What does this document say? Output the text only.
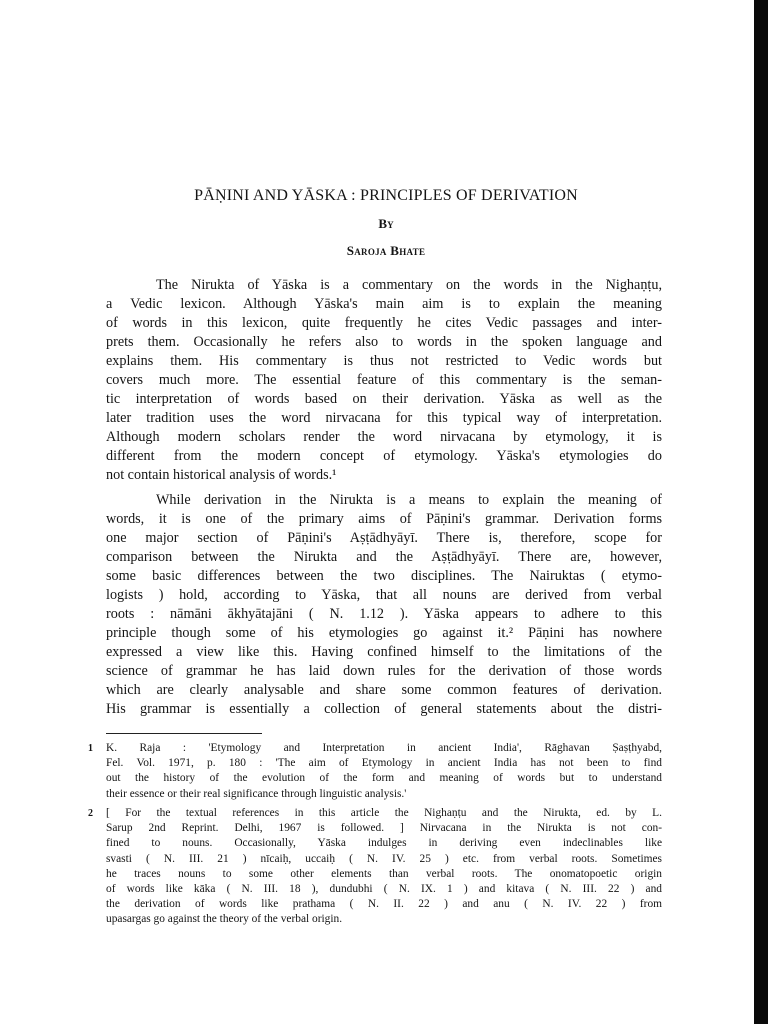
PĀṆINI AND YĀSKA : PRINCIPLES OF DERIVATION
By
Saroja Bhate
The Nirukta of Yāska is a commentary on the words in the Nighaṇṭu,
a Vedic lexicon. Although Yāska's main aim is to explain the meaning
of words in this lexicon, quite frequently he cites Vedic passages and inter-
prets them. Occasionally he refers also to words in the spoken language and
explains them. His commentary is thus not restricted to Vedic words but
covers much more. The essential feature of this commentary is the seman-
tic interpretation of words based on their derivation. Yāska as well as the
later tradition uses the word nirvacana for this typical way of interpretation.
Although modern scholars render the word nirvacana by etymology, it is
different from the modern concept of etymology. Yāska's etymologies do
not contain historical analysis of words.¹
While derivation in the Nirukta is a means to explain the meaning of
words, it is one of the primary aims of Pāṇini's grammar. Derivation forms
one major section of Pāṇini's Aṣṭādhyāyī. There is, therefore, scope for
comparison between the Nirukta and the Aṣṭādhyāyī. There are, however,
some basic differences between the two disciplines. The Nairuktas ( etymo-
logists ) hold, according to Yāska, that all nouns are derived from verbal
roots : nāmāni ākhyātajāni ( N. 1.12 ). Yāska appears to adhere to this
principle though some of his etymologies go against it.² Pāṇini has nowhere
expressed a view like this. Having confined himself to the limitations of the
science of grammar he has laid down rules for the derivation of those words
which are clearly analysable and share some common features of derivation.
His grammar is essentially a collection of general statements about the distri-
1 K. Raja : 'Etymology and Interpretation in ancient India', Rāghavan Ṣaṣṭhyabd,
Fel. Vol. 1971, p. 180 : 'The aim of Etymology in ancient India has not been to find
out the history of the evolution of the form and meaning of words but to understand
their essence or their real significance through linguistic analysis.'
2 [ For the textual references in this article the Nighaṇṭu and the Nirukta, ed. by L.
Sarup 2nd Reprint. Delhi, 1967 is followed. ] Nirvacana in the Nirukta is not con-
fined to nouns. Occasionally, Yāska indulges in deriving even indeclinables like
svasti ( N. III. 21 ) nīcaiḥ, uccaiḥ ( N. IV. 25 ) etc. from verbal roots. Sometimes
he traces nouns to some other elements than verbal roots. The onomatopoetic origin
of words like kāka ( N. III. 18 ), dundubhi ( N. IX. 1 ) and kitava ( N. III. 22 ) and
the derivation of words like prathama ( N. II. 22 ) and anu ( N. IV. 22 ) from
upasargas go against the theory of the verbal origin.
